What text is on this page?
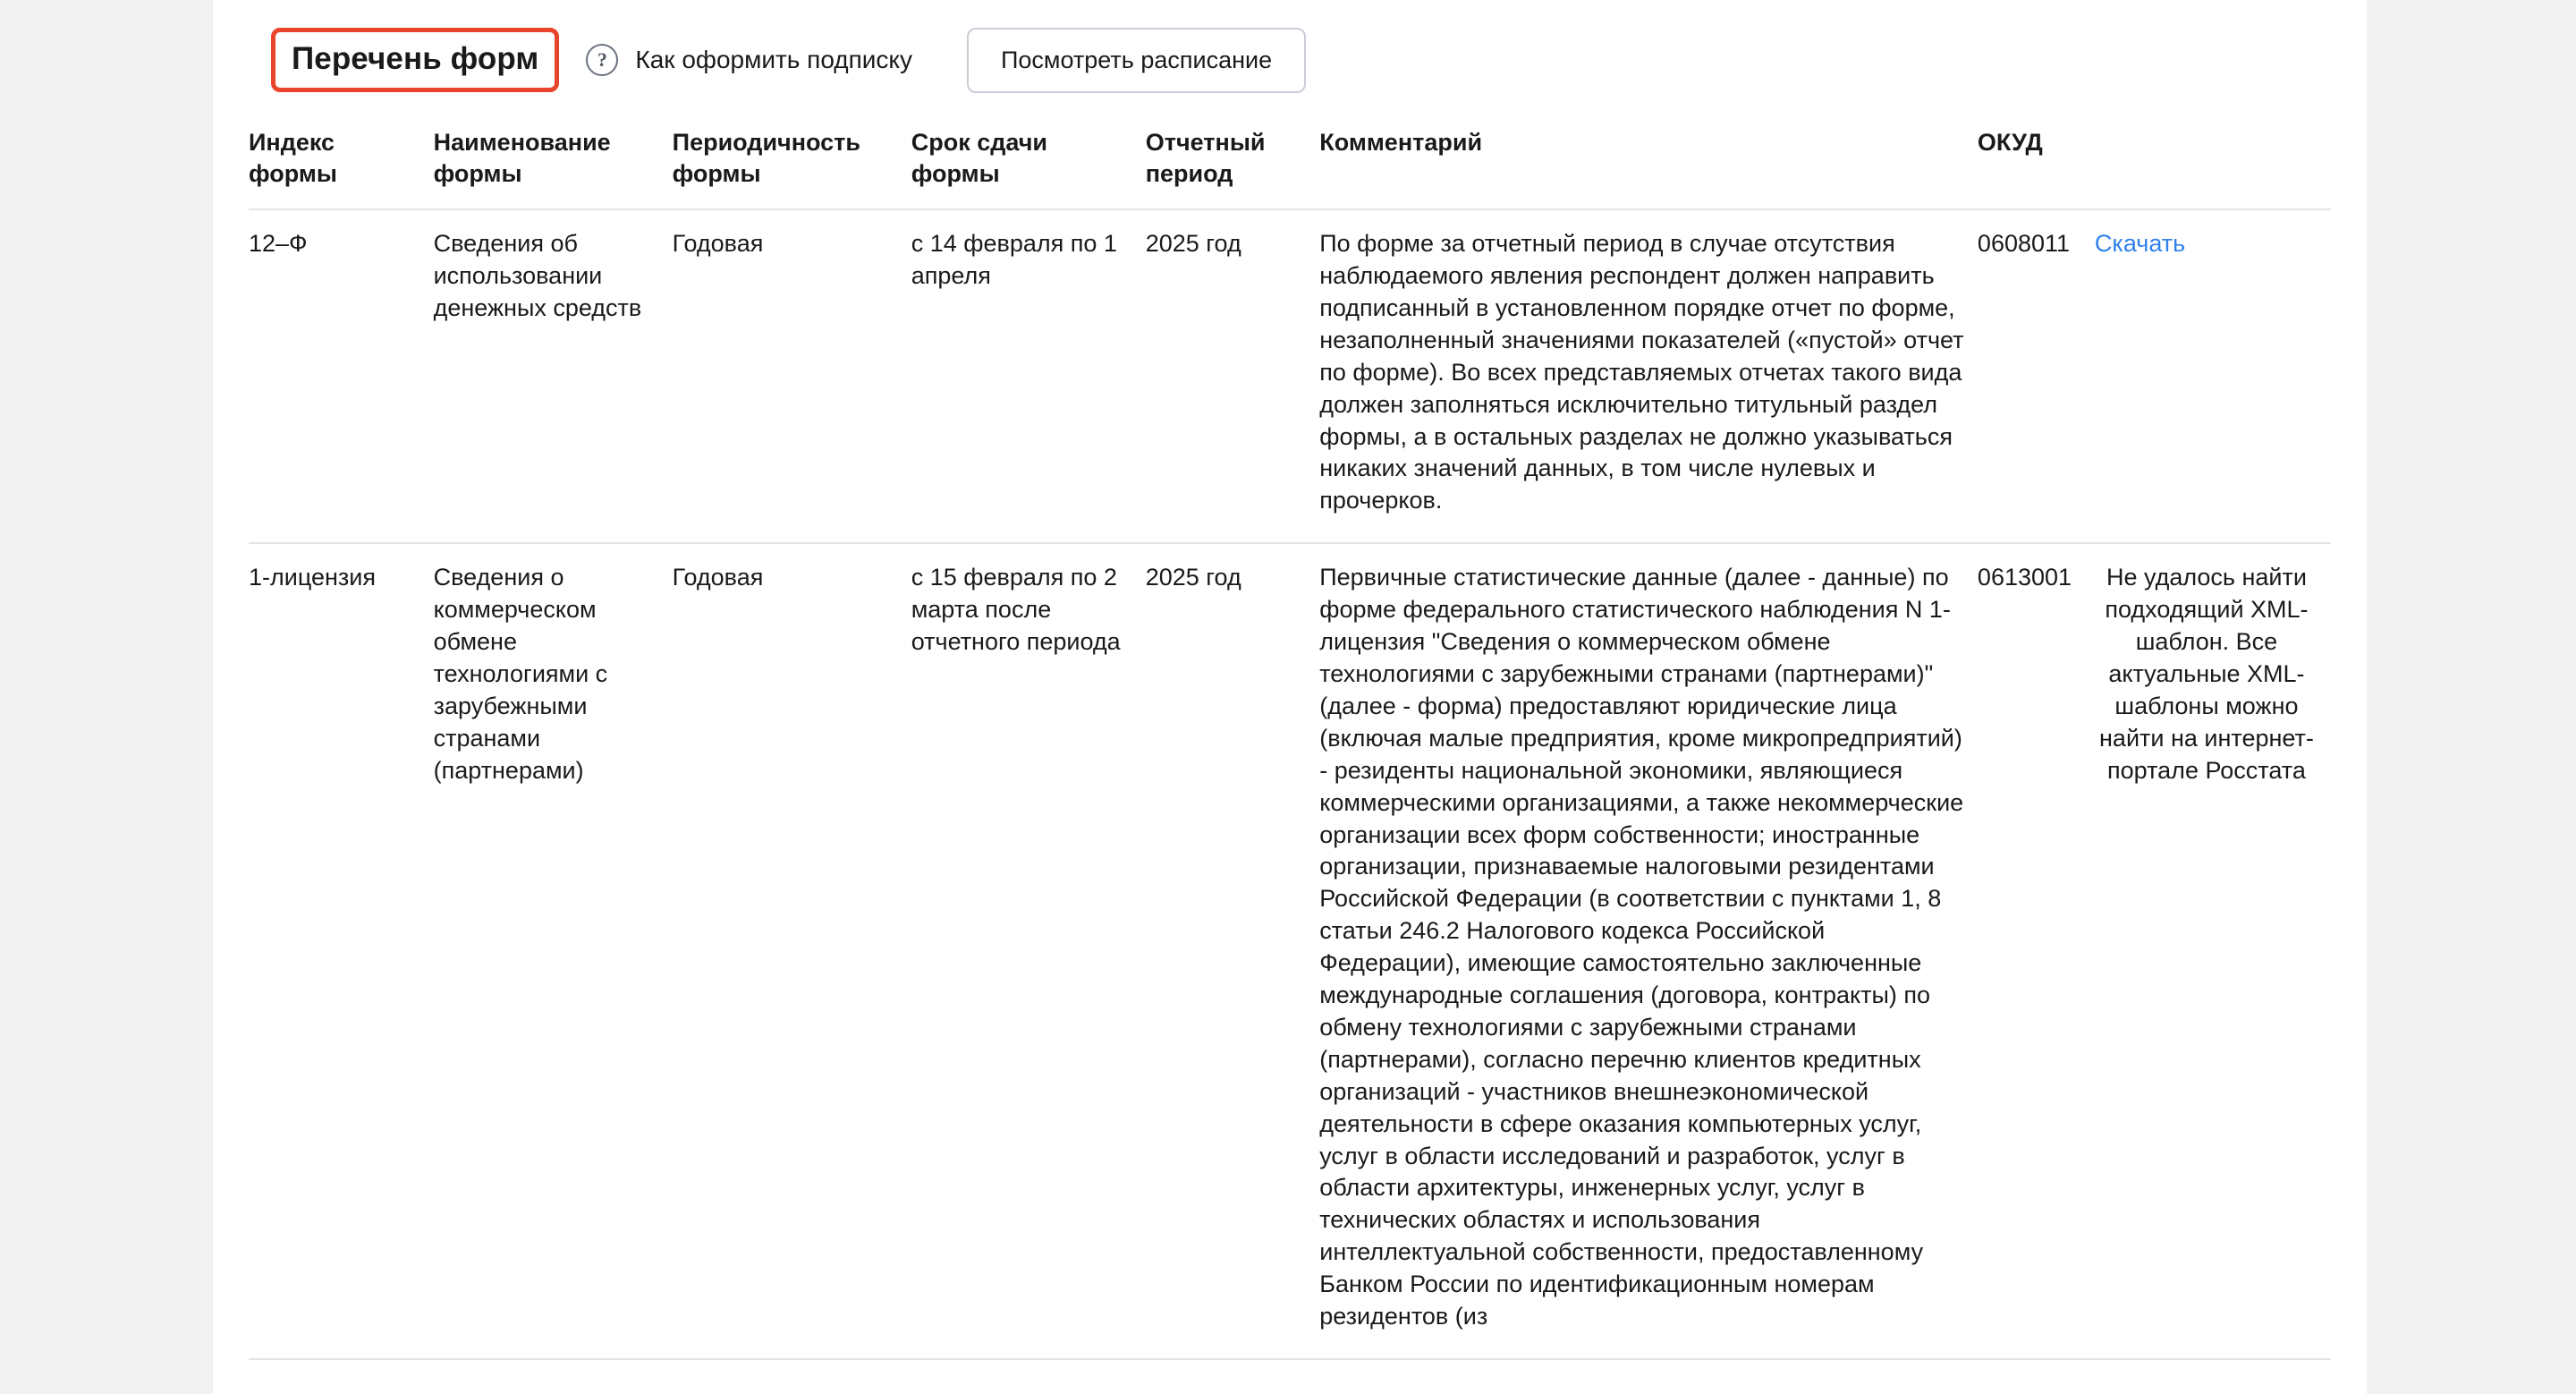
Перечень форм	?	Как оформить подписку	Посмотреть расписание
Индекс формы	Наименование формы	Периодичность формы	Срок сдачи формы	Отчетный период	Комментарий	ОКУД	
12–Ф	Сведения об использовании денежных средств	Годовая	с 14 февраля по 1 апреля	2025 год	По форме за отчетный период в случае отсутствия наблюдаемого явления респондент должен направить подписанный в установленном порядке отчет по форме, незаполненный значениями показателей («пустой» отчет по форме). Во всех представляемых отчетах такого вида должен заполняться исключительно титульный раздел формы, а в остальных разделах не должно указываться никаких значений данных, в том числе нулевых и прочерков.	0608011	Скачать
1-лицензия	Сведения о коммерческом обмене технологиями с зарубежными странами (партнерами)	Годовая	с 15 февраля по 2 марта после отчетного периода	2025 год	Первичные статистические данные (далее - данные) по форме федерального статистического наблюдения N 1-лицензия "Сведения о коммерческом обмене технологиями с зарубежными странами (партнерами)" (далее - форма) предоставляют юридические лица (включая малые предприятия, кроме микропредприятий) - резиденты национальной экономики, являющиеся коммерческими организациями, а также некоммерческие организации всех форм собственности; иностранные организации, признаваемые налоговыми резидентами Российской Федерации (в соответствии с пунктами 1, 8 статьи 246.2 Налогового кодекса Российской Федерации), имеющие самостоятельно заключенные международные соглашения (договора, контракты) по обмену технологиями с зарубежными странами (партнерами), согласно перечню клиентов кредитных организаций - участников внешнеэкономической деятельности в сфере оказания компьютерных услуг, услуг в области исследований и разработок, услуг в области архитектуры, инженерных услуг, услуг в технических областях и использования интеллектуальной собственности, предоставленному Банком России по идентификационным номерам резидентов (из	0613001	Не удалось найти подходящий XML-шаблон. Все актуальные XML-шаблоны можно найти на интернет-портале Росстата
